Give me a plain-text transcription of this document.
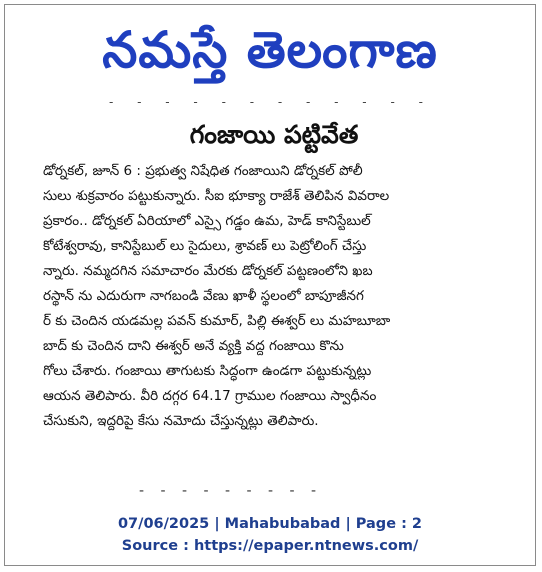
నమస్తే తెలంగాణ
- - - - - - - - - - - -
గంజాయి పట్టివేత
డోర్నకల్, జూన్ 6 : ప్రభుత్వ నిషేధిత గంజాయిని డోర్నకల్ పోలీ
సులు శుక్రవారం పట్టుకున్నారు. సీఐ భూక్యా రాజేశ్ తెలిపిన వివరాల
ప్రకారం.. డోర్నకల్ ఏరియాలో ఎస్సై గడ్డం ఉమ, హెడ్ కానిస్టేబుల్
కోటేశ్వరావు, కానిస్టేబుల్ లు సైదులు, శ్రావణ్ లు పెట్రోలింగ్ చేస్తు
న్నారు. నమ్మదగిన సమాచారం మేరకు డోర్నకల్ పట్టణంలోని ఖబ
రస్థాన్ ను ఎదురుగా నాగబండి వేణు ఖాళీ స్థలంలో బాపూజీనగ
ర్ కు చెందిన యడమల్ల పవన్ కుమార్, పిల్లి ఈశ్వర్ లు మహబూబా
బాద్ కు చెందిన దాని ఈశ్వర్ అనే వ్యక్తి వద్ద గంజాయి కొను
గోలు చేశారు. గంజాయి తాగుటకు సిద్ధంగా ఉండగా పట్టుకున్నట్లు
ఆయన తెలిపారు. వీరి దగ్గర 64.17 గ్రాముల గంజాయి స్వాధీనం
చేసుకుని, ఇద్దరిపై కేసు నమోదు చేస్తున్నట్లు తెలిపారు.
- - - - - - - - -
07/06/2025 | Mahabubabad | Page : 2
Source : https://epaper.ntnews.com/
